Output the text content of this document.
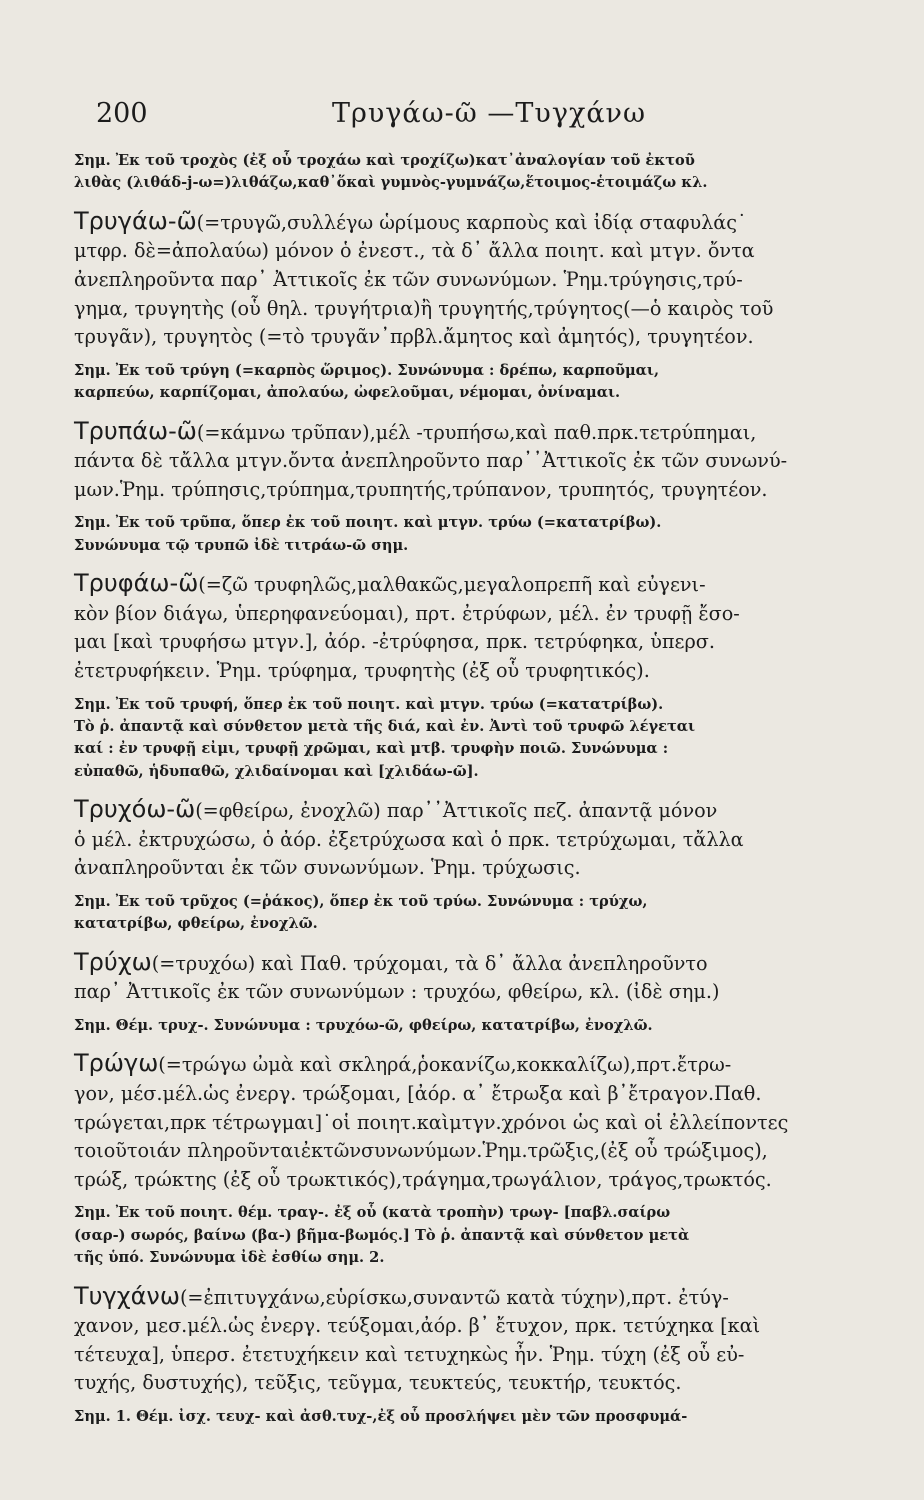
200	Τρυγάω-ῶ —Τυγχάνω
Σημ. Ἐκ τοῦ τροχὸς (ἐξ οὗ τροχάω καὶ τροχίζω)κατ᾽ἀναλογίαν τοῦ ἐκτοῦ
λιθὰς (λιθάδ-j-ω=)λιθάζω,καθ᾽ὅκαὶ γυμνὸς-γυμνάζω,ἕτοιμος-ἑτοιμάζω κλ.
Τρυγάω-ῶ(=τρυγῶ,συλλέγω ὡρίμους καρποὺς καὶ ἰδίᾳ σταφυλάς˙
μτφρ. δὲ=ἀπολαύω) μόνον ὁ ἐνεστ., τὰ δ᾽ ἄλλα ποιητ. καὶ μτγν. ὄντα
ἀνεπληροῦντα παρ᾽ Ἀττικοῖς ἐκ τῶν συνωνύμων. Ῥημ.τρύγησις,τρύ-
γημα, τρυγητὴς (οὗ θηλ. τρυγήτρια)ἢ τρυγητής,τρύγητος(—ὁ καιρὸς τοῦ
τρυγᾶν), τρυγητὸς (=τὸ τρυγᾶν᾽πρβλ.ἄμητος καὶ ἀμητός), τρυγητέον.
Σημ. Ἐκ τοῦ τρύγη (=καρπὸς ὥριμος). Συνώνυμα : δρέπω, καρποῦμαι,
καρπεύω, καρπίζομαι, ἀπολαύω, ὠφελοῦμαι, νέμομαι, ὀνίναμαι.
Τρυπάω-ῶ(=κάμνω τρῦπαν),μέλ -τρυπήσω,καὶ παθ.πρκ.τετρύπημαι,
πάντα δὲ τἄλλα μτγν.ὄντα ἀνεπληροῦντο παρ᾽᾽Ἀττικοῖς ἐκ τῶν συνωνύ-
μων.Ῥημ. τρύπησις,τρύπημα,τρυπητής,τρύπανον, τρυπητός, τρυγητέον.
Σημ. Ἐκ τοῦ τρῦπα, ὅπερ ἐκ τοῦ ποιητ. καὶ μτγν. τρύω (=κατατρίβω).
Συνώνυμα τῷ τρυπῶ ἰδὲ τιτράω-ῶ σημ.
Τρυφάω-ῶ(=ζῶ τρυφηλῶς,μαλθακῶς,μεγαλοπρεπῆ καὶ εὐγενι-
κὸν βίον διάγω, ὑπερηφανεύομαι), πρτ. ἐτρύφων, μέλ. ἐν τρυφῇ ἔσο-
μαι [καὶ τρυφήσω μτγν.], ἀόρ. -ἐτρύφησα, πρκ. τετρύφηκα, ὑπερσ.
ἐτετρυφήκειν. Ῥημ. τρύφημα, τρυφητὴς (ἐξ οὗ τρυφητικός).
Σημ. Ἐκ τοῦ τρυφή, ὅπερ ἐκ τοῦ ποιητ. καὶ μτγν. τρύω (=κατατρίβω).
Τὸ ῥ. ἀπαντᾷ καὶ σύνθετον μετὰ τῆς διά, καὶ ἐν. Ἀντὶ τοῦ τρυφῶ λέγεται
καί : ἐν τρυφῇ εἰμι, τρυφῇ χρῶμαι, καὶ μτβ. τρυφὴν ποιῶ. Συνώνυμα :
εὐπαθῶ, ἡδυπαθῶ, χλιδαίνομαι καὶ [χλιδάω-ῶ].
Τρυχόω-ῶ(=φθείρω, ἐνοχλῶ) παρ᾽᾽Ἀττικοῖς πεζ. ἀπαντᾷ μόνον
ὁ μέλ. ἐκτρυχώσω, ὁ ἀόρ. ἐξετρύχωσα καὶ ὁ πρκ. τετρύχωμαι, τἄλλα
ἀναπληροῦνται ἐκ τῶν συνωνύμων. Ῥημ. τρύχωσις.
Σημ. Ἐκ τοῦ τρῦχος (=ῥάκος), ὅπερ ἐκ τοῦ τρύω. Συνώνυμα : τρύχω,
κατατρίβω, φθείρω, ἐνοχλῶ.
Τρύχω(=τρυχόω) καὶ Παθ. τρύχομαι, τὰ δ᾽ ἄλλα ἀνεπληροῦντο
παρ᾽ Ἀττικοῖς ἐκ τῶν συνωνύμων : τρυχόω, φθείρω, κλ. (ἰδὲ σημ.)
Σημ. Θέμ. τρυχ-. Συνώνυμα : τρυχόω-ῶ, φθείρω, κατατρίβω, ἐνοχλῶ.
Τρώγω(=τρώγω ὠμὰ καὶ σκληρά,ῥοκανίζω,κοκκαλίζω),πρτ.ἔτρω-
γον, μέσ.μέλ.ὡς ἐνεργ. τρώξομαι, [ἀόρ. α᾽ ἔτρωξα καὶ β᾽ἔτραγον.Παθ.
τρώγεται,πρκ τέτρωγμαι]˙οἱ ποιητ.καὶμτγν.χρόνοι ὡς καὶ οἱ ἐλλείποντες
τοιοῦτοιάν πληροῦνταιἐκτῶνσυνωνύμων.Ῥημ.τρῶξις,(ἐξ οὗ τρώξιμος),
τρώξ, τρώκτης (ἐξ οὗ τρωκτικός),τράγημα,τρωγάλιον, τράγος,τρωκτός.
Σημ. Ἐκ τοῦ ποιητ. θέμ. τραγ-. ἐξ οὗ (κατὰ τροπὴν) τρωγ- [παβλ.σαίρω
(σαρ-) σωρός, βαίνω (βα-) βῆμα-βωμός.] Τὸ ῥ. ἀπαντᾷ καὶ σύνθετον μετὰ
τῆς ὑπό. Συνώνυμα ἰδὲ ἐσθίω σημ. 2.
Τυγχάνω(=ἐπιτυγχάνω,εὑρίσκω,συναντῶ κατὰ τύχην),πρτ. ἐτύγ-
χανον, μεσ.μέλ.ὡς ἐνεργ. τεύξομαι,ἀόρ. β᾽ ἔτυχον, πρκ. τετύχηκα [καὶ
τέτευχα], ὑπερσ. ἐτετυχήκειν καὶ τετυχηκὼς ἦν. Ῥημ. τύχη (ἐξ οὗ εὐ-
τυχής, δυστυχής), τεῦξις, τεῦγμα, τευκτεύς, τευκτήρ, τευκτός.
Σημ. 1. Θέμ. ἰσχ. τευχ- καὶ ἀσθ.τυχ-,ἐξ οὗ προσλήψει μὲν τῶν προσφυμά-
